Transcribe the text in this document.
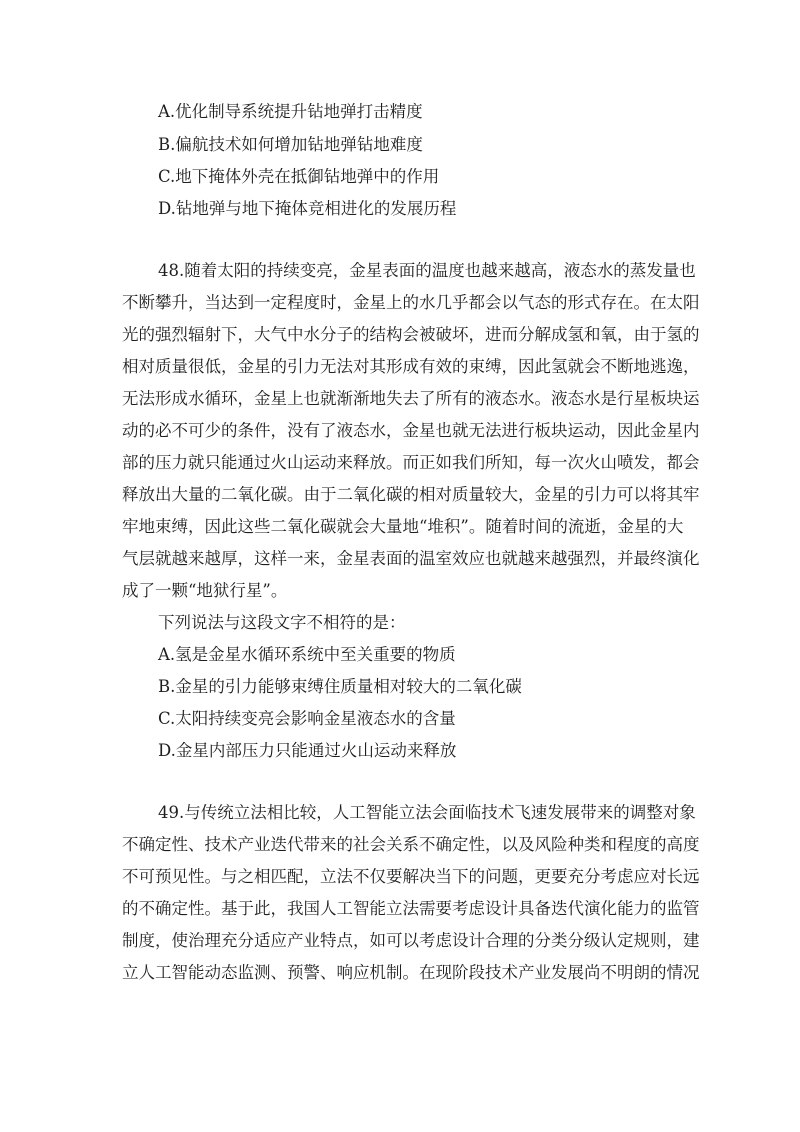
A.优化制导系统提升钻地弹打击精度
B.偏航技术如何增加钻地弹钻地难度
C.地下掩体外壳在抵御钻地弹中的作用
D.钻地弹与地下掩体竞相进化的发展历程
48.随着太阳的持续变亮，金星表面的温度也越来越高，液态水的蒸发量也
不断攀升，当达到一定程度时，金星上的水几乎都会以气态的形式存在。在太阳
光的强烈辐射下，大气中水分子的结构会被破坏，进而分解成氢和氧，由于氢的
相对质量很低，金星的引力无法对其形成有效的束缚，因此氢就会不断地逃逸，
无法形成水循环，金星上也就渐渐地失去了所有的液态水。液态水是行星板块运
动的必不可少的条件，没有了液态水，金星也就无法进行板块运动，因此金星内
部的压力就只能通过火山运动来释放。而正如我们所知，每一次火山喷发，都会
释放出大量的二氧化碳。由于二氧化碳的相对质量较大，金星的引力可以将其牢
牢地束缚，因此这些二氧化碳就会大量地“堆积”。随着时间的流逝，金星的大
气层就越来越厚，这样一来，金星表面的温室效应也就越来越强烈，并最终演化
成了一颗“地狱行星”。
下列说法与这段文字不相符的是：
A.氢是金星水循环系统中至关重要的物质
B.金星的引力能够束缚住质量相对较大的二氧化碳
C.太阳持续变亮会影响金星液态水的含量
D.金星内部压力只能通过火山运动来释放
49.与传统立法相比较，人工智能立法会面临技术飞速发展带来的调整对象
不确定性、技术产业迭代带来的社会关系不确定性，以及风险种类和程度的高度
不可预见性。与之相匹配，立法不仅要解决当下的问题，更要充分考虑应对长远
的不确定性。基于此，我国人工智能立法需要考虑设计具备迭代演化能力的监管
制度，使治理充分适应产业特点，如可以考虑设计合理的分类分级认定规则，建
立人工智能动态监测、预警、响应机制。在现阶段技术产业发展尚不明朗的情况
